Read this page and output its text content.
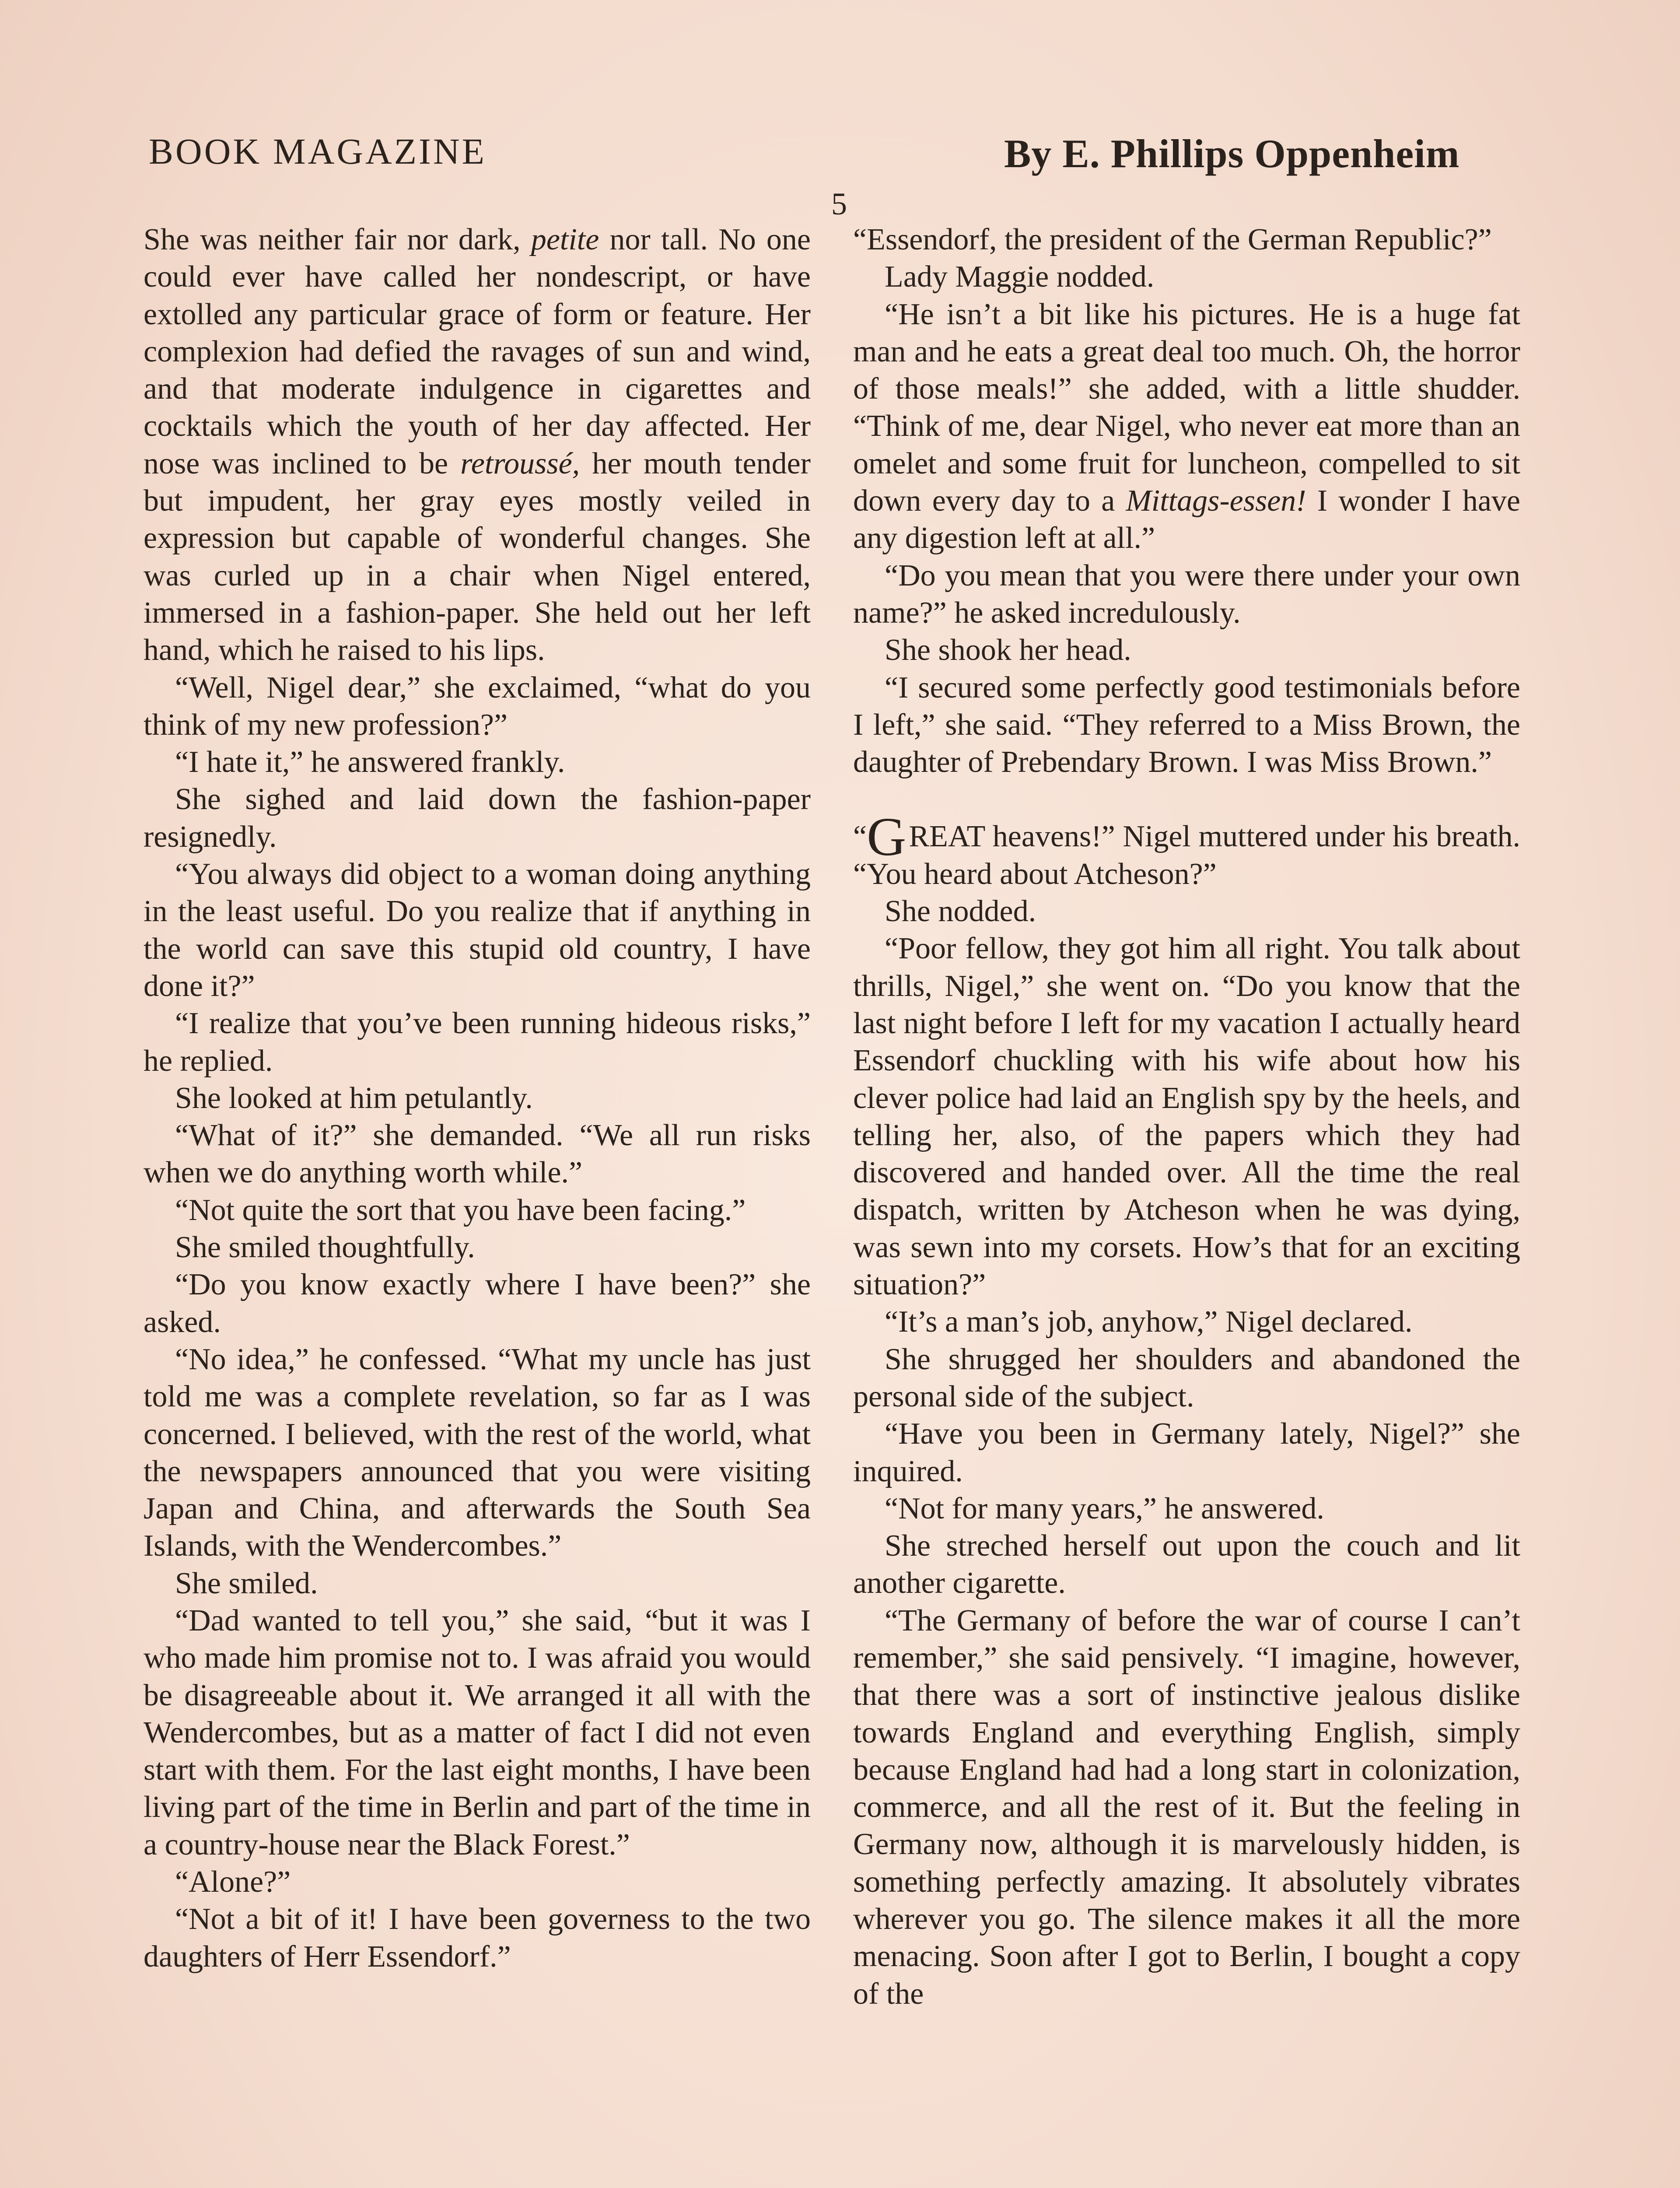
BOOK MAGAZINE	By E. Phillips Oppenheim
5

She was neither fair nor dark, petite nor tall. No one could ever have called her nondescript, or have extolled any particular grace of form or feature. Her complexion had defied the ravages of sun and wind, and that moderate indulgence in cigarettes and cocktails which the youth of her day affected. Her nose was inclined to be retroussé, her mouth tender but impudent, her gray eyes mostly veiled in expression but capable of wonderful changes. She was curled up in a chair when Nigel entered, immersed in a fashion-paper. She held out her left hand, which he raised to his lips.

“Well, Nigel dear,” she exclaimed, “what do you think of my new profession?”

“I hate it,” he answered frankly.

She sighed and laid down the fashion-paper resignedly.

“You always did object to a woman doing anything in the least useful. Do you realize that if anything in the world can save this stupid old country, I have done it?”

“I realize that you’ve been running hideous risks,” he replied.

She looked at him petulantly.

“What of it?” she demanded. “We all run risks when we do anything worth while.”

“Not quite the sort that you have been facing.”

She smiled thoughtfully.

“Do you know exactly where I have been?” she asked.

“No idea,” he confessed. “What my uncle has just told me was a complete revelation, so far as I was concerned. I believed, with the rest of the world, what the newspapers announced that you were visiting Japan and China, and afterwards the South Sea Islands, with the Wendercombes.”

She smiled.

“Dad wanted to tell you,” she said, “but it was I who made him promise not to. I was afraid you would be disagreeable about it. We arranged it all with the Wendercombes, but as a matter of fact I did not even start with them. For the last eight months, I have been living part of the time in Berlin and part of the time in a country-house near the Black Forest.”

“Alone?”

“Not a bit of it! I have been governess to the two daughters of Herr Essendorf.”

“Essendorf, the president of the German Republic?”

Lady Maggie nodded.

“He isn’t a bit like his pictures. He is a huge fat man and he eats a great deal too much. Oh, the horror of those meals!” she added, with a little shudder. “Think of me, dear Nigel, who never eat more than an omelet and some fruit for luncheon, compelled to sit down every day to a Mittags-essen! I wonder I have any digestion left at all.”

“Do you mean that you were there under your own name?” he asked incredulously.

She shook her head.

“I secured some perfectly good testimonials before I left,” she said. “They referred to a Miss Brown, the daughter of Prebendary Brown. I was Miss Brown.”

“GREAT heavens!” Nigel muttered under his breath. “You heard about Atcheson?”

She nodded.

“Poor fellow, they got him all right. You talk about thrills, Nigel,” she went on. “Do you know that the last night before I left for my vacation I actually heard Essendorf chuckling with his wife about how his clever police had laid an English spy by the heels, and telling her, also, of the papers which they had discovered and handed over. All the time the real dispatch, written by Atcheson when he was dying, was sewn into my corsets. How’s that for an exciting situation?”

“It’s a man’s job, anyhow,” Nigel declared.

She shrugged her shoulders and abandoned the personal side of the subject.

“Have you been in Germany lately, Nigel?” she inquired.

“Not for many years,” he answered.

She streched herself out upon the couch and lit another cigarette.

“The Germany of before the war of course I can’t remember,” she said pensively. “I imagine, however, that there was a sort of instinctive jealous dislike towards England and everything English, simply because England had had a long start in colonization, commerce, and all the rest of it. But the feeling in Germany now, although it is marvelously hidden, is something perfectly amazing. It absolutely vibrates wherever you go. The silence makes it all the more menacing. Soon after I got to Berlin, I bought a copy of the
